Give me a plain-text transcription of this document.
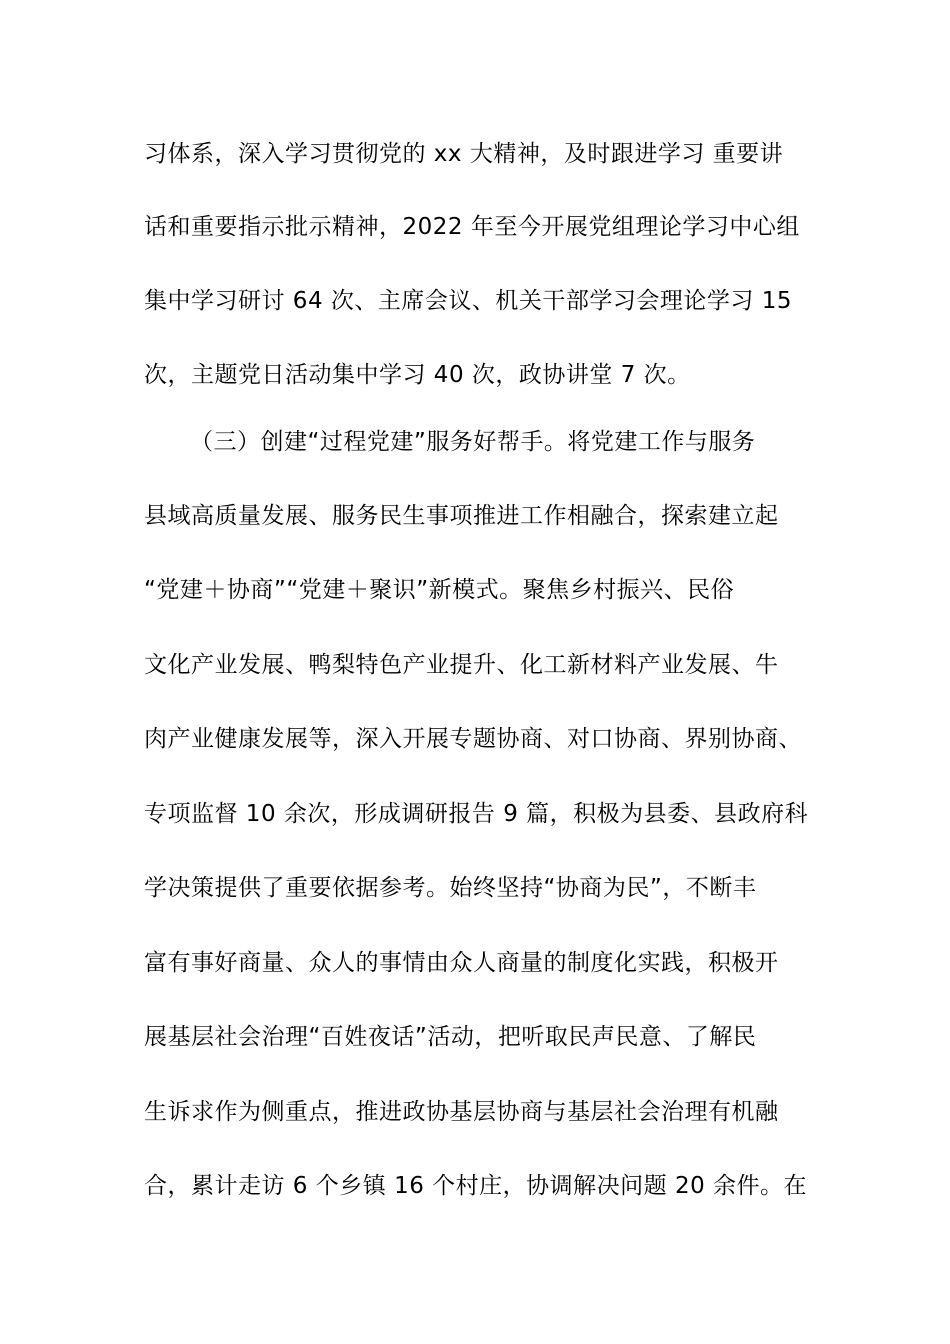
习体系，深入学习贯彻党的 xx 大精神，及时跟进学习 重要讲
话和重要指示批示精神，2022 年至今开展党组理论学习中心组
集中学习研讨 64 次、主席会议、机关干部学习会理论学习 15
次，主题党日活动集中学习 40 次，政协讲堂 7 次。
（三）创建“过程党建”服务好帮手。将党建工作与服务
县域高质量发展、服务民生事项推进工作相融合，探索建立起
“党建＋协商”“党建＋聚识”新模式。聚焦乡村振兴、民俗
文化产业发展、鸭梨特色产业提升、化工新材料产业发展、牛
肉产业健康发展等，深入开展专题协商、对口协商、界别协商、
专项监督 10 余次，形成调研报告 9 篇，积极为县委、县政府科
学决策提供了重要依据参考。始终坚持“协商为民”，不断丰
富有事好商量、众人的事情由众人商量的制度化实践，积极开
展基层社会治理“百姓夜话”活动，把听取民声民意、了解民
生诉求作为侧重点，推进政协基层协商与基层社会治理有机融
合，累计走访 6 个乡镇 16 个村庄，协调解决问题 20 余件。在
